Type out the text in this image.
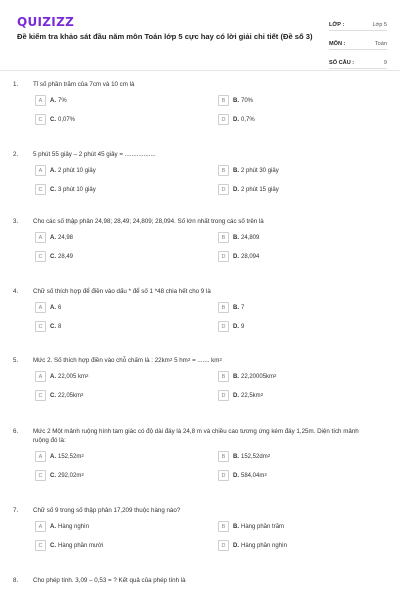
QUIZIZZ
Đề kiểm tra khảo sát đầu năm môn Toán lớp 5 cực hay có lời giải chi tiết (Đề số 3)
LỚP :	Lớp 5
MÔN :	Toán
SỐ CÂU :	9
1.	Tỉ số phần trăm của 7cm và 10 cm là
A	A. 7%	B	B. 70%
C	C. 0,07%	D	D. 0,7%
2.	5 phút 55 giây – 2 phút 45 giây = ..................
A	A. 2 phút 10 giây	B	B. 2 phút 30 giây
C	C. 3 phút 10 giây	D	D. 2 phút 15 giây
3.	Cho các số thập phân 24,98; 28,49; 24,809; 28,094. Số lớn nhất trong các số trên là
A	A. 24,98	B	B. 24,809
C	C. 28,49	D	D. 28,094
4.	Chữ số thích hợp để điền vào dấu * để số 1 *48 chia hết cho 9 là
A	A. 6	B	B. 7
C	C. 8	D	D. 9
5.	Mức 2. Số thích hợp điền vào chỗ chấm là : $22km^2$ 5 $hm^2$ = ....... $km^2$
A	A. 22,005 $km^2$	B	B. $22,20005km^2$
C	C. $22,05km^2$	D	D. $22,5km^2$
6.	Mức 2 Một mảnh ruộng hình tam giác có độ dài đáy là 24,8 m và chiều cao tương ứng kém đáy 1,25m. Diện tích mảnh ruộng đó là:
A	A. $152,52m^2$	B	B. $152,52dm^2$
C	C. $292,02m^2$	D	D. $584,04m^2$
7.	Chữ số 9 trong số thập phân 17,209 thuộc hàng nào?
A	A. Hàng nghìn	B	B. Hàng phần trăm
C	C. Hàng phần mười	D	D. Hàng phần nghìn
8.	Cho phép tính. 3,09 – 0,53 = ? Kết quả của phép tính là
